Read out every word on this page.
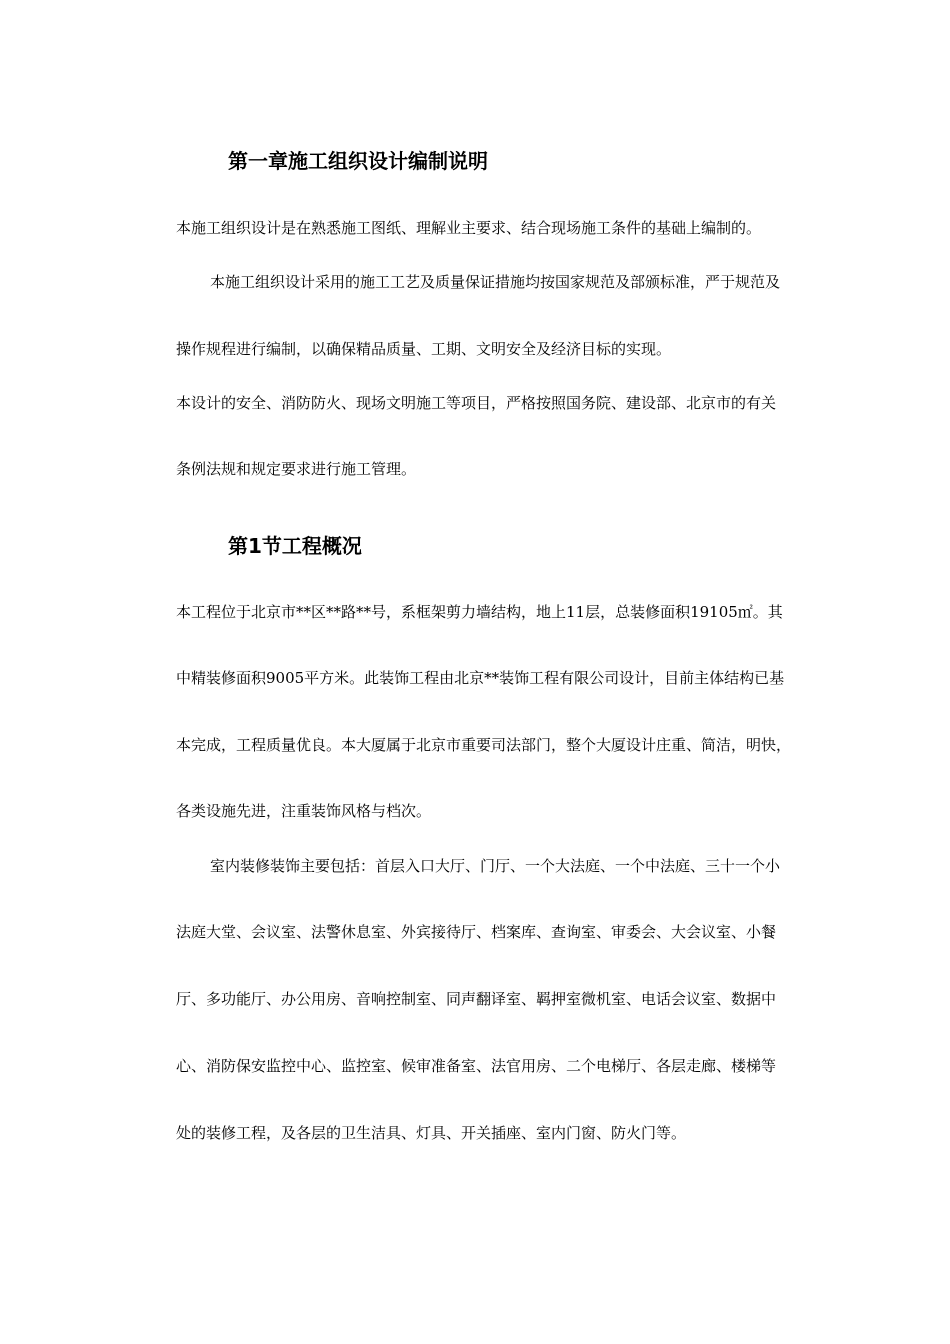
第一章施工组织设计编制说明
本施工组织设计是在熟悉施工图纸、理解业主要求、结合现场施工条件的基础上编制的。
本施工组织设计采用的施工工艺及质量保证措施均按国家规范及部颁标准，严于规范及
操作规程进行编制，以确保精品质量、工期、文明安全及经济目标的实现。
本设计的安全、消防防火、现场文明施工等项目，严格按照国务院、建设部、北京市的有关
条例法规和规定要求进行施工管理。
第1节工程概况
本工程位于北京市**区**路**号，系框架剪力墙结构，地上11层，总装修面积19105㎡。其
中精装修面积9005平方米。此装饰工程由北京**装饰工程有限公司设计，目前主体结构已基
本完成，工程质量优良。本大厦属于北京市重要司法部门，整个大厦设计庄重、简洁，明快，
各类设施先进，注重装饰风格与档次。
室内装修装饰主要包括：首层入口大厅、门厅、一个大法庭、一个中法庭、三十一个小
法庭大堂、会议室、法警休息室、外宾接待厅、档案库、查询室、审委会、大会议室、小餐
厅、多功能厅、办公用房、音响控制室、同声翻译室、羁押室微机室、电话会议室、数据中
心、消防保安监控中心、监控室、候审准备室、法官用房、二个电梯厅、各层走廊、楼梯等
处的装修工程，及各层的卫生洁具、灯具、开关插座、室内门窗、防火门等。
